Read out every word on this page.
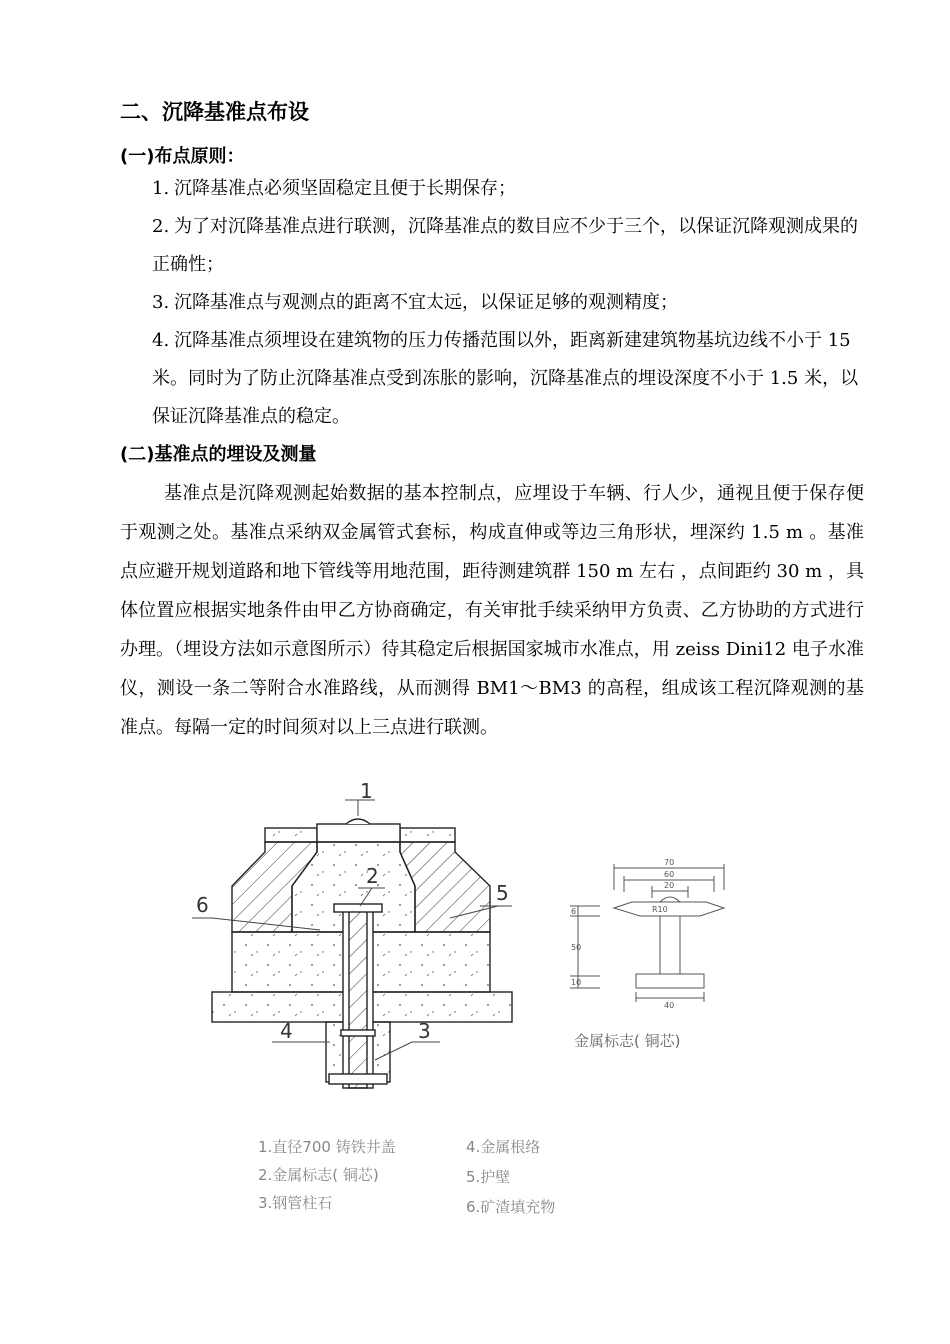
二、沉降基准点布设
(一)布点原则：
1. 沉降基准点必须坚固稳定且便于长期保存；
2. 为了对沉降基准点进行联测，沉降基准点的数目应不少于三个，以保证沉降观测成果的正确性；
3. 沉降基准点与观测点的距离不宜太远，以保证足够的观测精度；
4. 沉降基准点须埋设在建筑物的压力传播范围以外，距离新建建筑物基坑边线不小于 15 米。同时为了防止沉降基准点受到冻胀的影响，沉降基准点的埋设深度不小于 1.5 米，以保证沉降基准点的稳定。
(二)基准点的埋设及测量
基准点是沉降观测起始数据的基本控制点，应埋设于车辆、行人少，通视且便于保存便于观测之处。基准点采纳双金属管式套标，构成直伸或等边三角形状，埋深约 1.5 m 。基准点应避开规划道路和地下管线等用地范围，距待测建筑群 150 m 左右 ，点间距约 30 m ，具体位置应根据实地条件由甲乙方协商确定，有关审批手续采纳甲方负责、乙方协助的方式进行办理。（埋设方法如示意图所示）待其稳定后根据国家城市水准点，用 zeiss Dini12 电子水准仪，测设一条二等附合水准路线，从而测得 BM1～BM3 的高程，组成该工程沉降观测的基准点。每隔一定的时间须对以上三点进行联测。
1
2
3
4
5
6
70
60
20
R10
6
50
10
40
金属标志( 铜芯)
1.直径700 铸铁井盖
2.金属标志( 铜芯)
3.钢管柱石
4.金属根络
5.护壁
6.矿渣填充物
